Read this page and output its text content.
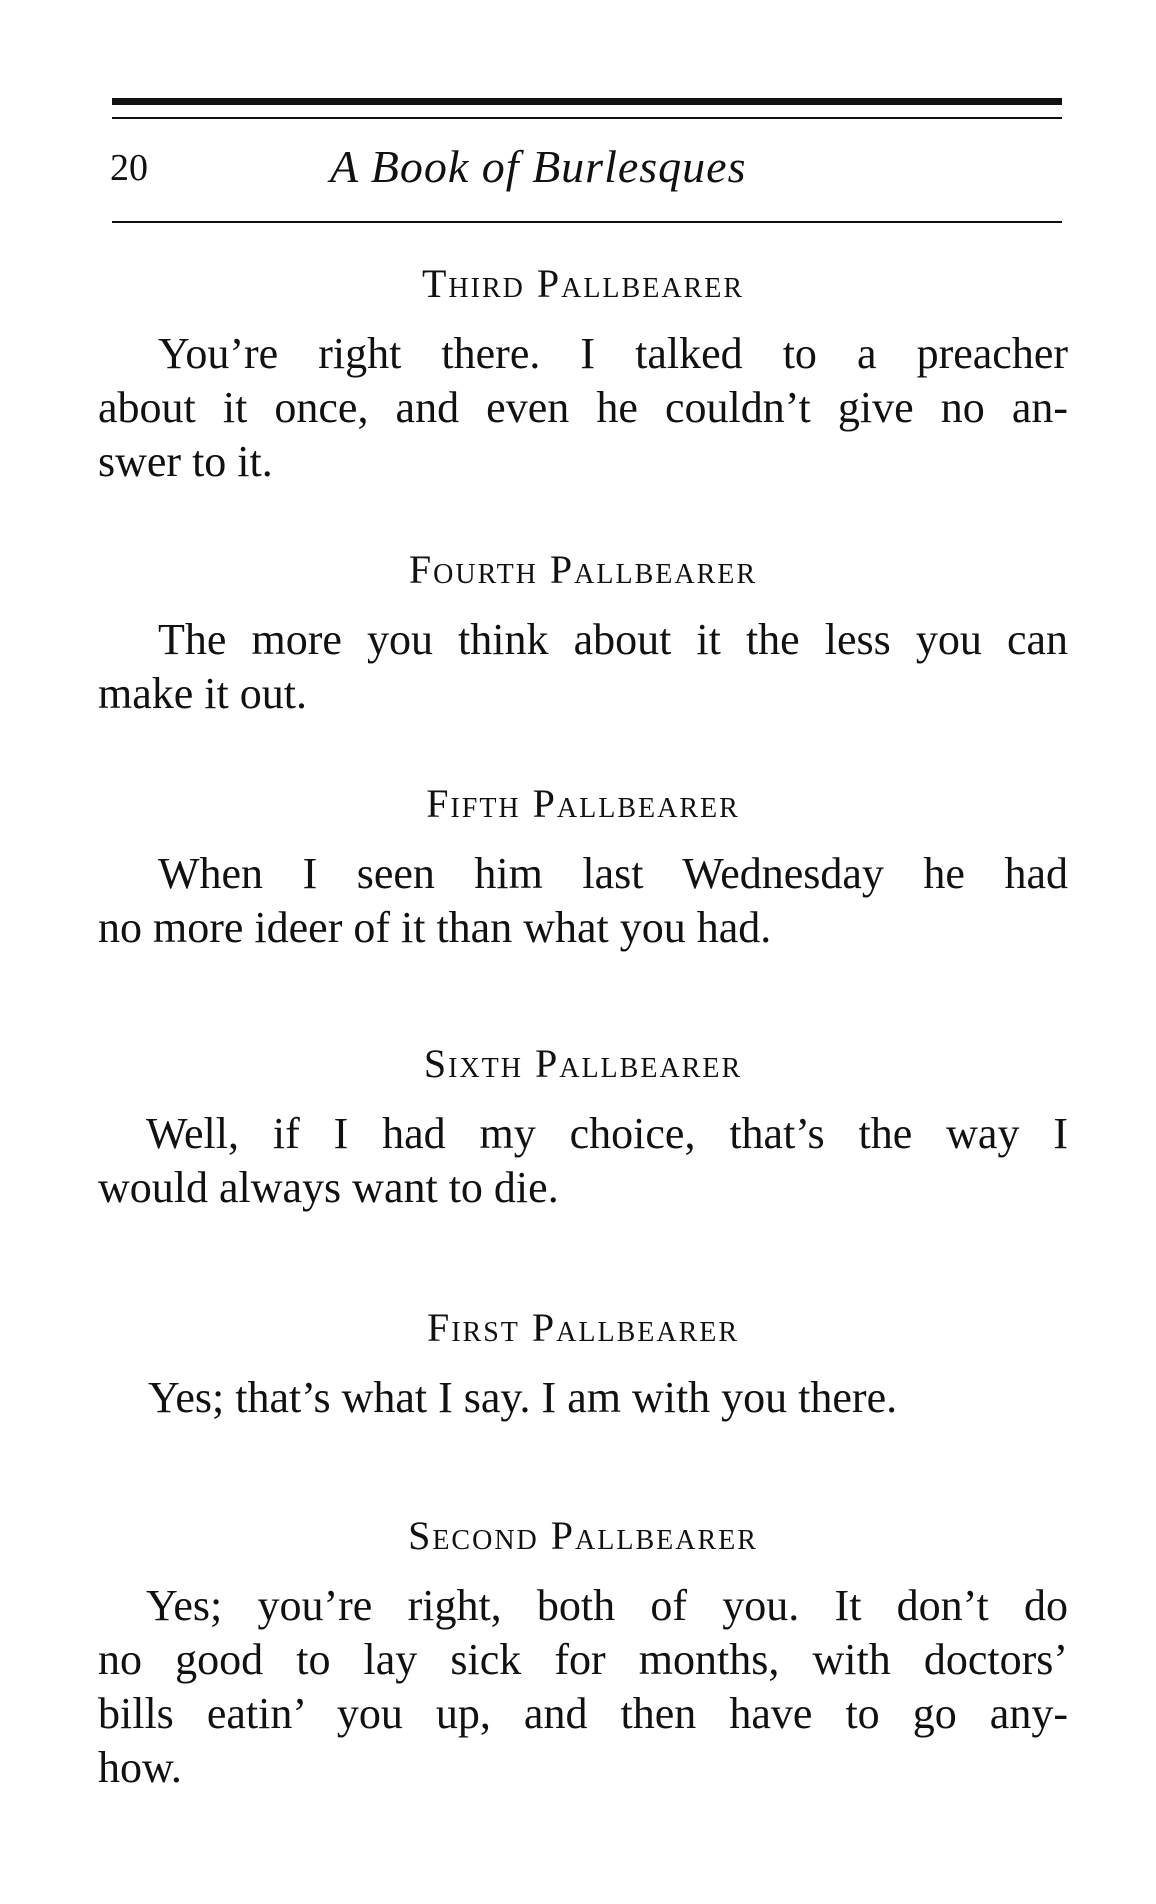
20	A Book of Burlesques
Third Pallbearer
You’re right there. I talked to a preacher
about it once, and even he couldn’t give no an-
swer to it.
Fourth Pallbearer
The more you think about it the less you can
make it out.
Fifth Pallbearer
When I seen him last Wednesday he had
no more ideer of it than what you had.
Sixth Pallbearer
Well, if I had my choice, that’s the way I
would always want to die.
First Pallbearer
Yes; that’s what I say. I am with you there.
Second Pallbearer
Yes; you’re right, both of you. It don’t do
no good to lay sick for months, with doctors’
bills eatin’ you up, and then have to go any-
how.
